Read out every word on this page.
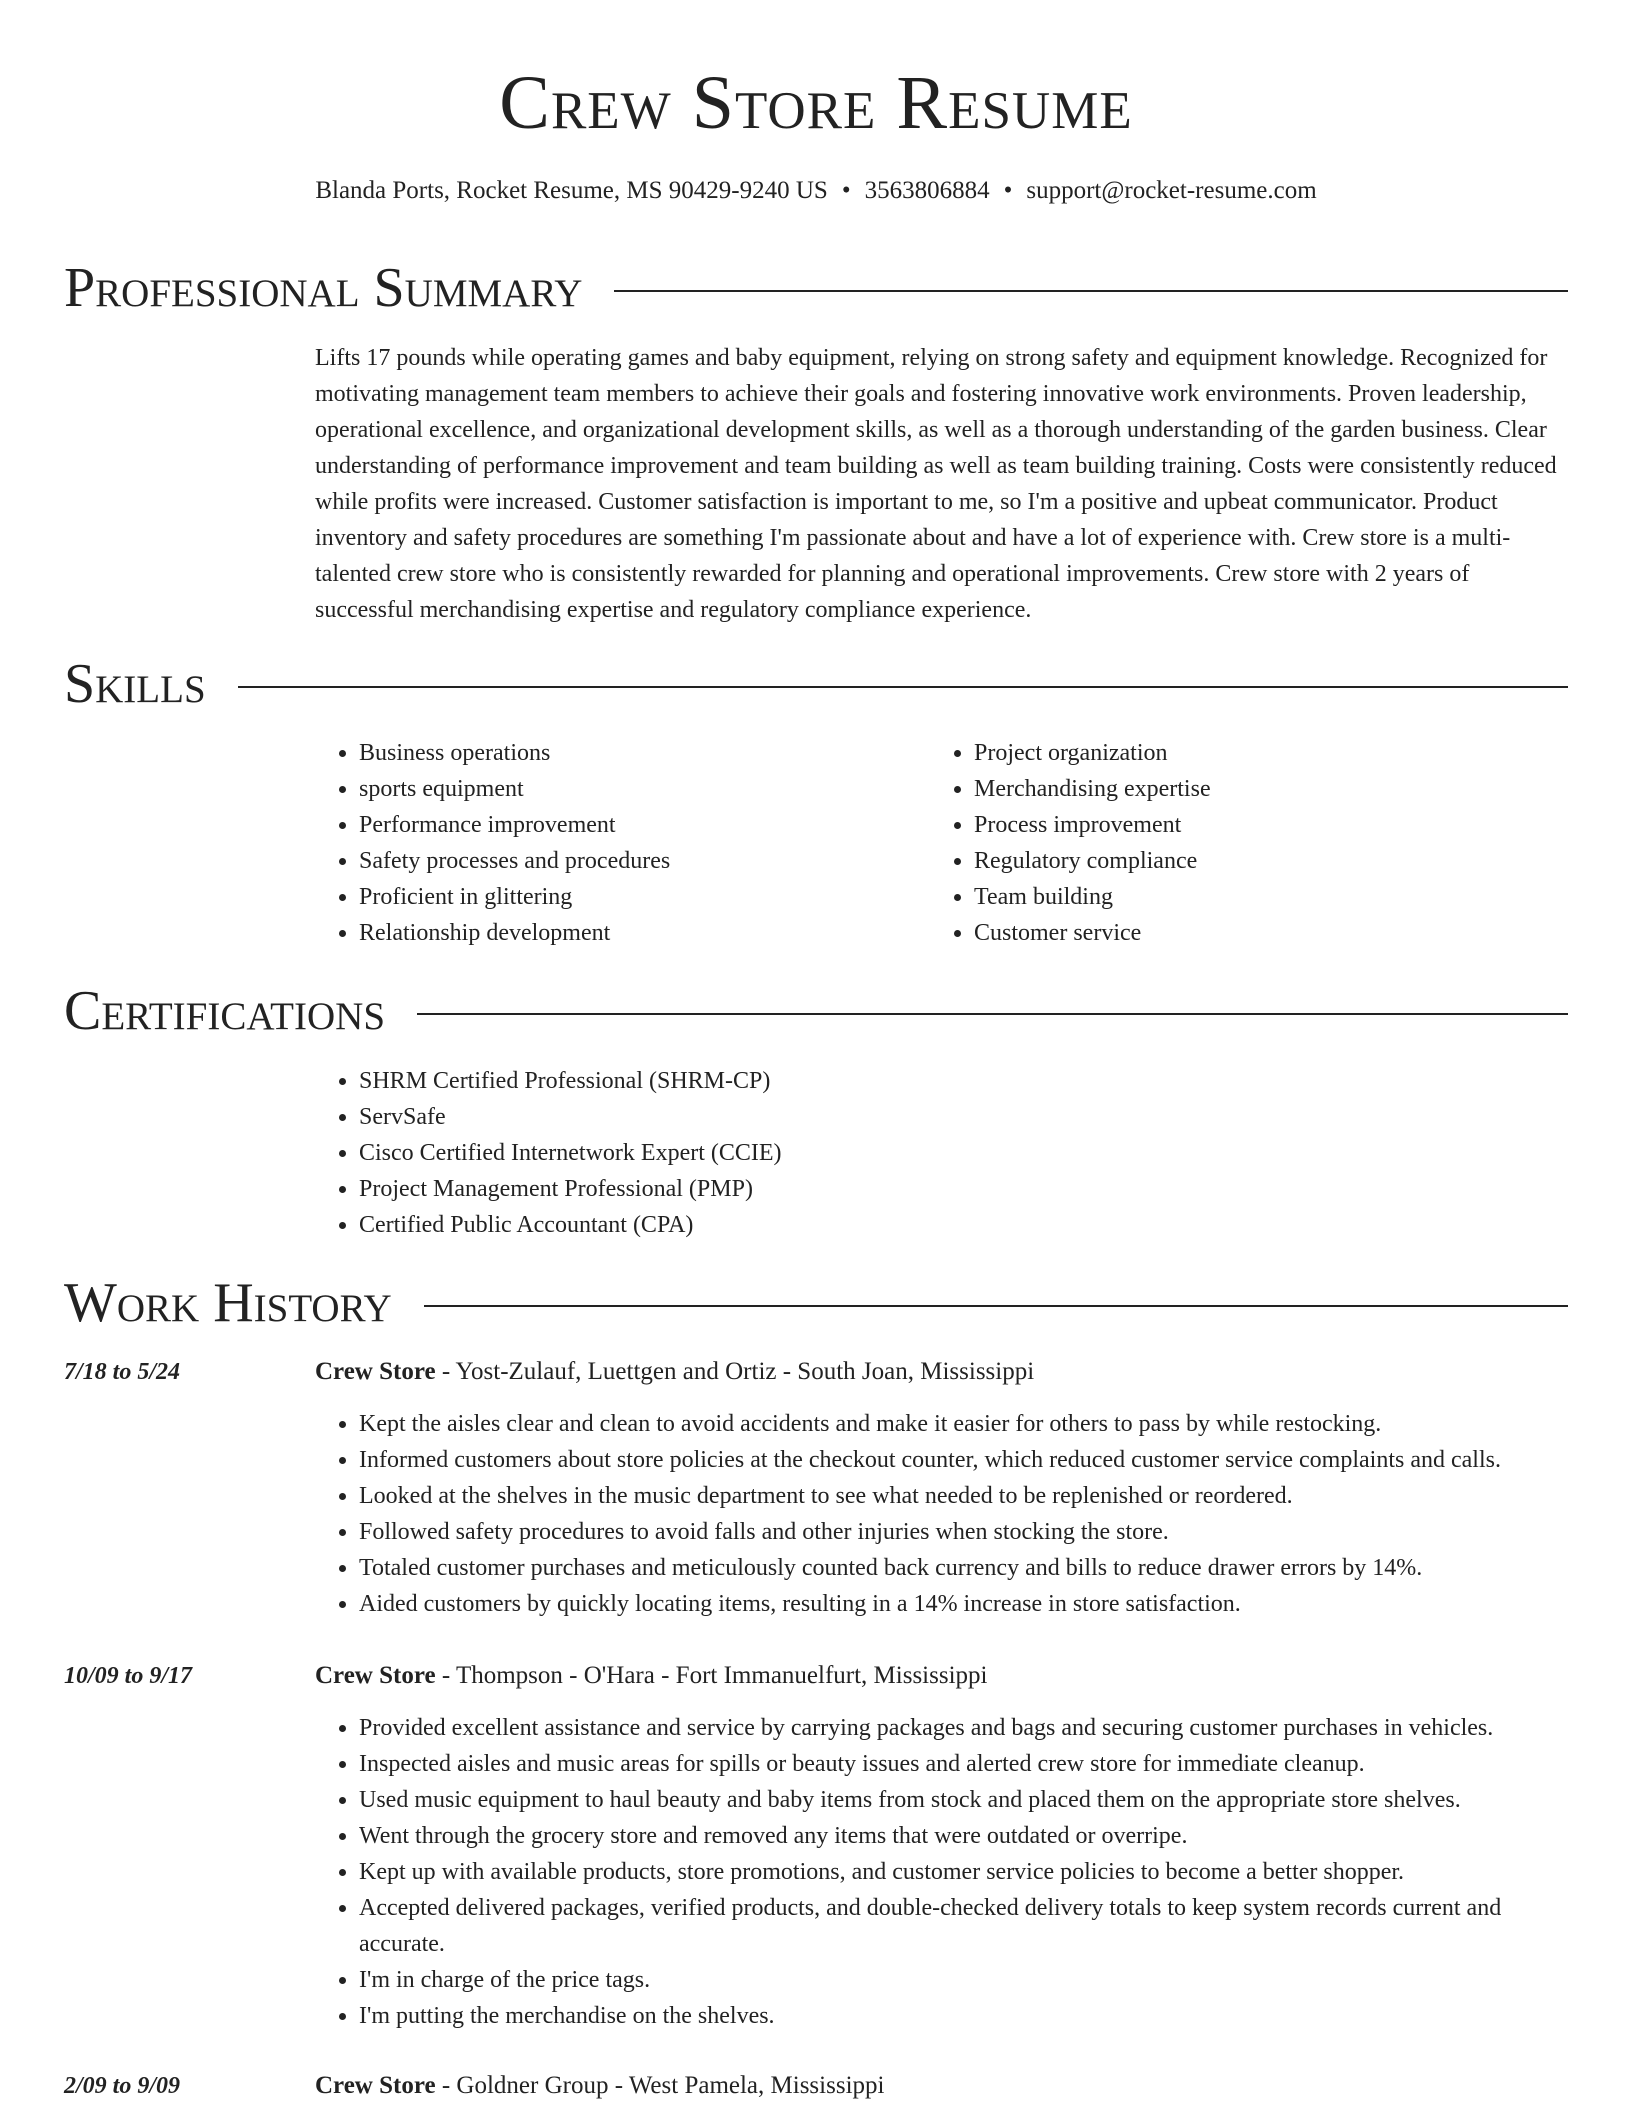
Crew Store Resume
Blanda Ports, Rocket Resume, MS 90429-9240 US • 3563806884 • support@rocket-resume.com
Professional Summary
Lifts 17 pounds while operating games and baby equipment, relying on strong safety and equipment knowledge. Recognized for motivating management team members to achieve their goals and fostering innovative work environments. Proven leadership, operational excellence, and organizational development skills, as well as a thorough understanding of the garden business. Clear understanding of performance improvement and team building as well as team building training. Costs were consistently reduced while profits were increased. Customer satisfaction is important to me, so I'm a positive and upbeat communicator. Product inventory and safety procedures are something I'm passionate about and have a lot of experience with. Crew store is a multi-talented crew store who is consistently rewarded for planning and operational improvements. Crew store with 2 years of successful merchandising expertise and regulatory compliance experience.
Skills
• Business operations
• sports equipment
• Performance improvement
• Safety processes and procedures
• Proficient in glittering
• Relationship development
• Project organization
• Merchandising expertise
• Process improvement
• Regulatory compliance
• Team building
• Customer service
Certifications
• SHRM Certified Professional (SHRM-CP)
• ServSafe
• Cisco Certified Internetwork Expert (CCIE)
• Project Management Professional (PMP)
• Certified Public Accountant (CPA)
Work History
7/18 to 5/24	Crew Store - Yost-Zulauf, Luettgen and Ortiz - South Joan, Mississippi
• Kept the aisles clear and clean to avoid accidents and make it easier for others to pass by while restocking.
• Informed customers about store policies at the checkout counter, which reduced customer service complaints and calls.
• Looked at the shelves in the music department to see what needed to be replenished or reordered.
• Followed safety procedures to avoid falls and other injuries when stocking the store.
• Totaled customer purchases and meticulously counted back currency and bills to reduce drawer errors by 14%.
• Aided customers by quickly locating items, resulting in a 14% increase in store satisfaction.
10/09 to 9/17	Crew Store - Thompson - O'Hara - Fort Immanuelfurt, Mississippi
• Provided excellent assistance and service by carrying packages and bags and securing customer purchases in vehicles.
• Inspected aisles and music areas for spills or beauty issues and alerted crew store for immediate cleanup.
• Used music equipment to haul beauty and baby items from stock and placed them on the appropriate store shelves.
• Went through the grocery store and removed any items that were outdated or overripe.
• Kept up with available products, store promotions, and customer service policies to become a better shopper.
• Accepted delivered packages, verified products, and double-checked delivery totals to keep system records current and accurate.
• I'm in charge of the price tags.
• I'm putting the merchandise on the shelves.
2/09 to 9/09	Crew Store - Goldner Group - West Pamela, Mississippi
